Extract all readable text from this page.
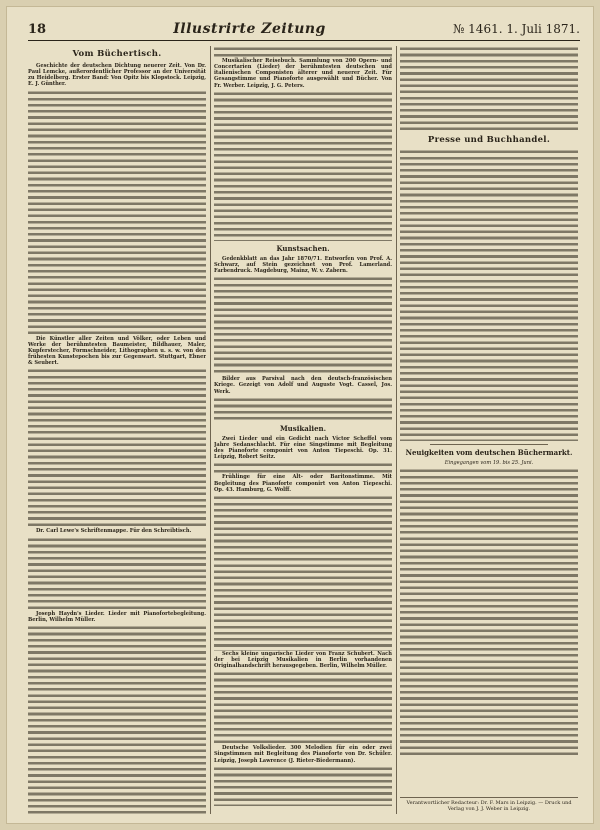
18	Illustrirte Zeitung	№ 1461. 1. Juli 1871.
Vom Büchertisch.

Geschichte der deutschen Dichtung neuerer Zeit. Von Dr. Paul Lemcke, außerordentlicher Professor an der Universität zu Heidelberg. Erster Band: Von Opitz bis Klopstock. Leipzig, E. J. Günther.

Die Künstler aller Zeiten und Völker, oder Leben und Werke der berühmtesten Baumeister, Bildhauer, Maler, Kupferstecher, Formschneider, Lithographen u. s. w. von den frühesten Kunstepochen bis zur Gegenwart. Stuttgart, Ebner & Seubert.

Dr. Carl Lewe's Schriftenmappe. Für den Schreibtisch.

Joseph Haydn's Lieder. Lieder mit Pianofortebegleitung. Berlin, Wilhelm Müller.

Musikalischer Reisebuch. Sammlung von 200 Opern- und Concertarien (Lieder) der berühmtesten deutschen und italienischen Componisten älterer und neuerer Zeit. Für Gesangstimme und Pianoforte ausgewählt und Bücher. Von Fr. Werber. Leipzig, J. G. Peters.

Kunstsachen.

Gedenkblatt an das Jahr 1870/71. Entworfen von Prof. A. Schwarz, auf Stein gezeichnet von Prof. Lamerland. Farbendruck. Magdeburg, Mainz, W. v. Zabern.

Bilder aus Parsival nach den deutsch-französischen Kriege. Gezeigt von Adolf und Auguste Vogt. Cassel, Jos. Werk.

Musikalien.

Zwei Lieder und ein Gedicht nach Victor Scheffel vom Jahre Sedanschlacht. Für eine Singstimme mit Begleitung des Pianoforte componirt von Anton Tiepeschi. Op. 31. Leipzig, Robert Seitz.

Frühlinge für eine Alt- oder Baritonstimme. Mit Begleitung des Pianoforte componirt von Anton Tiepeschi. Op. 43. Hamburg, G. Wolff.

Sechs kleine ungarische Lieder von Franz Schubert. Nach der bei Leipzig Musikalien in Berlin vorhandenen Originalhandschrift herausgegeben. Berlin, Wilhelm Müller.

Deutsche Volkslieder. 300 Melodien für ein oder zwei Singstimmen mit Begleitung des Pianoforte von Dr. Schüler. Leipzig, Joseph Lawrence (J. Rieter-Biedermann).

Presse und Buchhandel.
Neuigkeiten vom deutschen Büchermarkt.
Eingegangen vom 19. bis 25. Juni.
Verantwortlicher Redacteur: Dr. F. Mars in Leipzig. — Druck und Verlag von J. J. Weber in Leipzig.
